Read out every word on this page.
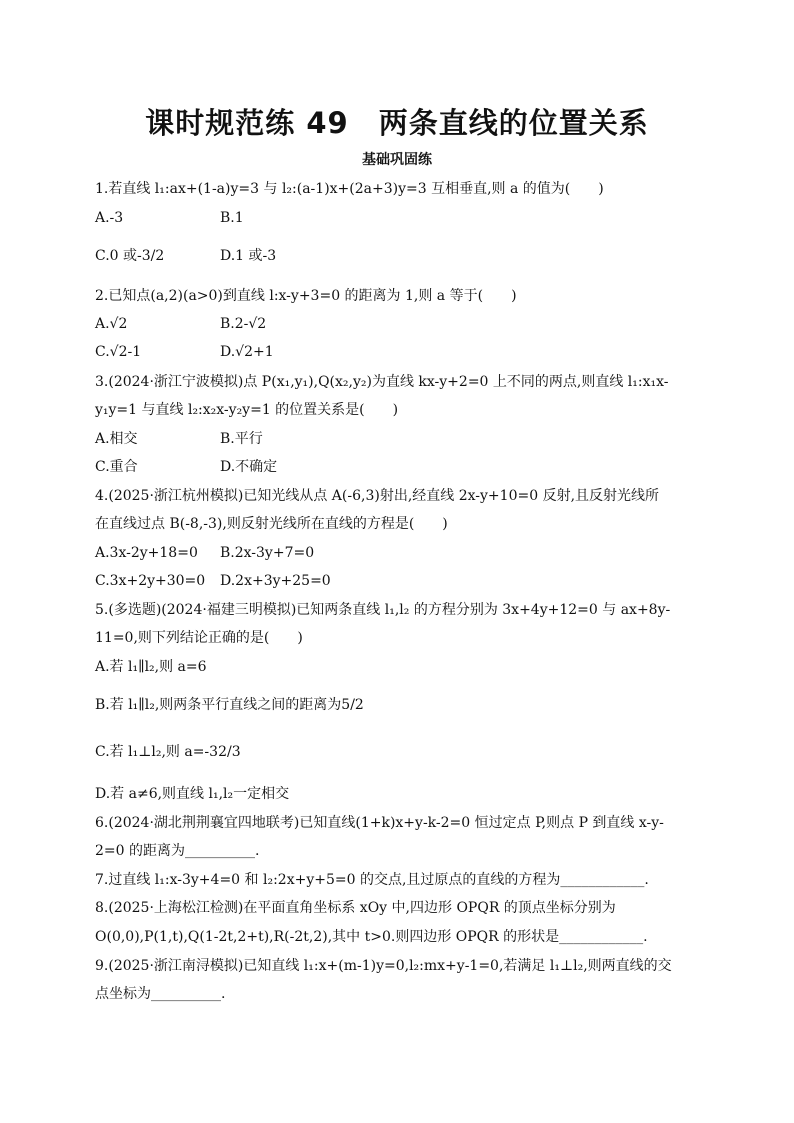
课时规范练 49　两条直线的位置关系
基础巩固练
1.若直线 l₁:ax+(1-a)y=3 与 l₂:(a-1)x+(2a+3)y=3 互相垂直,则 a 的值为(　　)
A.-3	B.1
C.0 或-3/2	D.1 或-3
2.已知点(a,2)(a>0)到直线 l:x-y+3=0 的距离为 1,则 a 等于(　　)
A.√2	B.2-√2
C.√2-1	D.√2+1
3.(2024·浙江宁波模拟)点 P(x₁,y₁),Q(x₂,y₂)为直线 kx-y+2=0 上不同的两点,则直线 l₁:x₁x-
y₁y=1 与直线 l₂:x₂x-y₂y=1 的位置关系是(　　)
A.相交	B.平行
C.重合	D.不确定
4.(2025·浙江杭州模拟)已知光线从点 A(-6,3)射出,经直线 2x-y+10=0 反射,且反射光线所
在直线过点 B(-8,-3),则反射光线所在直线的方程是(　　)
A.3x-2y+18=0 B.2x-3y+7=0
C.3x+2y+30=0 D.2x+3y+25=0
5.(多选题)(2024·福建三明模拟)已知两条直线 l₁,l₂ 的方程分别为 3x+4y+12=0 与 ax+8y-
11=0,则下列结论正确的是(　　)
A.若 l₁∥l₂,则 a=6
B.若 l₁∥l₂,则两条平行直线之间的距离为5/2
C.若 l₁⊥l₂,则 a=-32/3
D.若 a≠6,则直线 l₁,l₂一定相交
6.(2024·湖北荆荆襄宜四地联考)已知直线(1+k)x+y-k-2=0 恒过定点 P,则点 P 到直线 x-y-
2=0 的距离为__________.
7.过直线 l₁:x-3y+4=0 和 l₂:2x+y+5=0 的交点,且过原点的直线的方程为____________.
8.(2025·上海松江检测)在平面直角坐标系 xOy 中,四边形 OPQR 的顶点坐标分别为
O(0,0),P(1,t),Q(1-2t,2+t),R(-2t,2),其中 t>0.则四边形 OPQR 的形状是____________.
9.(2025·浙江南浔模拟)已知直线 l₁:x+(m-1)y=0,l₂:mx+y-1=0,若满足 l₁⊥l₂,则两直线的交
点坐标为__________.
